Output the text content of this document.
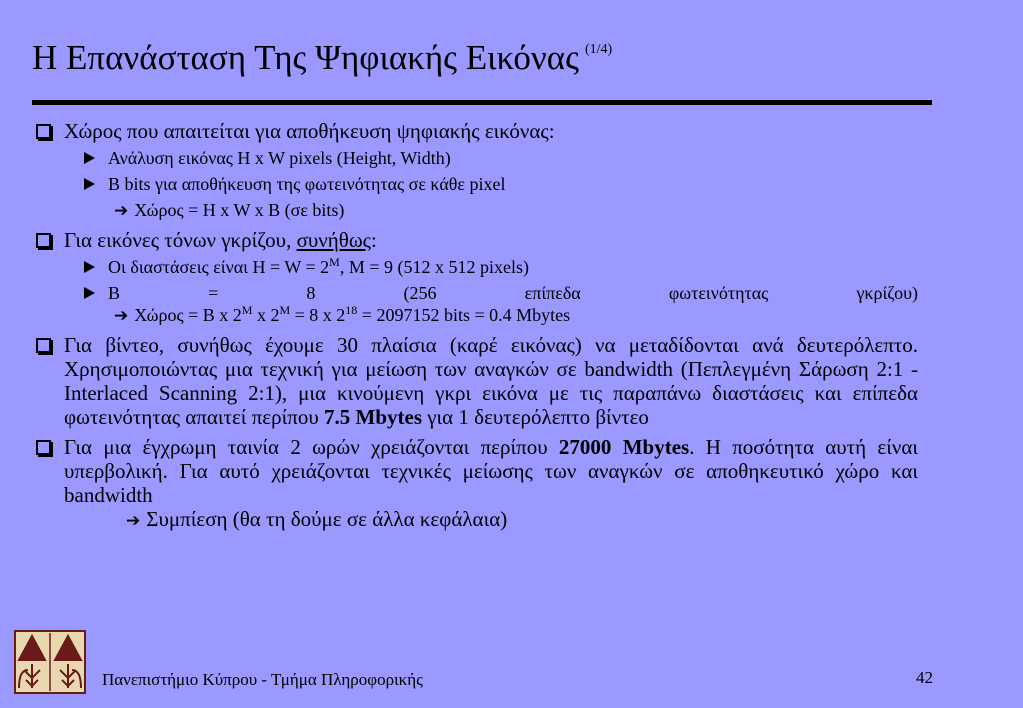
Η Επανάσταση Της Ψηφιακής Εικόνας $^{(1/4)}$
Χώρος που απαιτείται για αποθήκευση ψηφιακής εικόνας:
Ανάλυση εικόνας H x W pixels (Height, Width)
B bits για αποθήκευση της φωτεινότητας σε κάθε pixel
➔ Χώρος = H x W x B (σε bits)
Για εικόνες τόνων γκρίζου, συνήθως:
Οι διαστάσεις είναι $H = W = 2^M$, M = 9 (512 x 512 pixels)
B = 8 (256 επίπεδα φωτεινότητας γκρίζου)
➔ Χώρος = B x $2^M$ x $2^M = 8$ x $2^{18} = 2097152$ bits = 0.4 Mbytes
Για βίντεο, συνήθως έχουμε 30 πλαίσια (καρέ εικόνας) να μεταδίδονται ανά δευτερόλεπτο. Χρησιμοποιώντας μια τεχνική για μείωση των αναγκών σε bandwidth (Πεπλεγμένη Σάρωση 2:1 - Interlaced Scanning 2:1), μια κινούμενη γκρι εικόνα με τις παραπάνω διαστάσεις και επίπεδα φωτεινότητας απαιτεί περίπου 7.5 Mbytes για 1 δευτερόλεπτο βίντεο
Για μια έγχρωμη ταινία 2 ωρών χρειάζονται περίπου 27000 Mbytes. Η ποσότητα αυτή είναι υπερβολική. Για αυτό χρειάζονται τεχνικές μείωσης των αναγκών σε αποθηκευτικό χώρο και bandwidth
➔ Συμπίεση (θα τη δούμε σε άλλα κεφάλαια)
Πανεπιστήμιο Κύπρου - Τμήμα Πληροφορικής	42
